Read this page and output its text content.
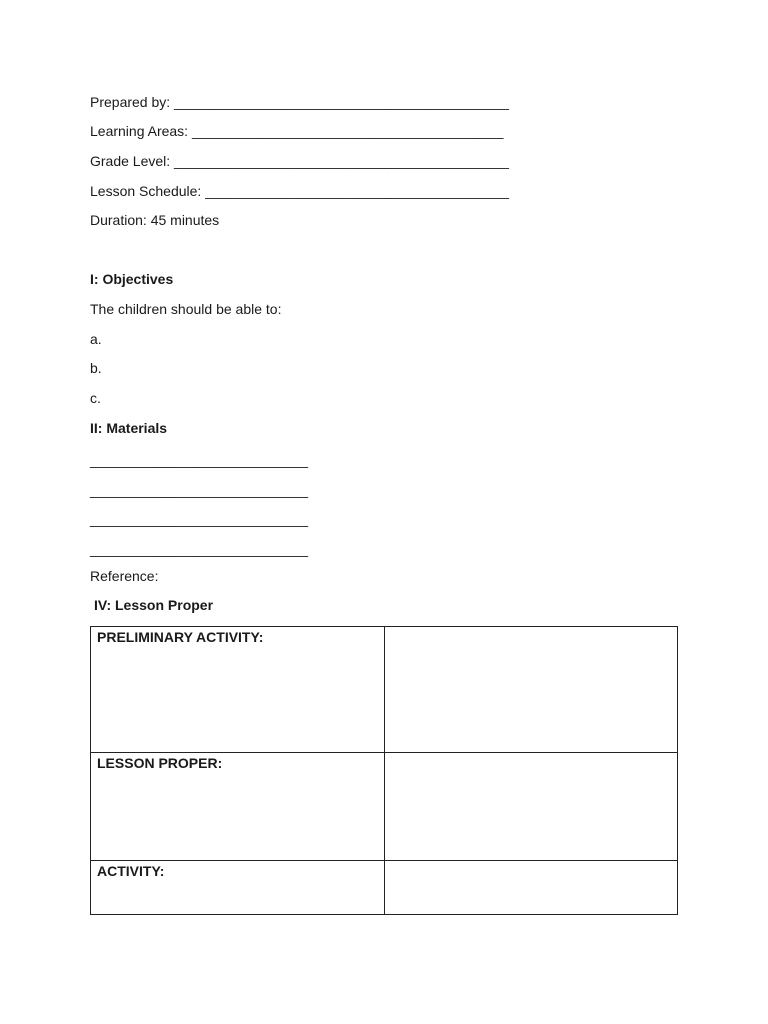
Prepared by: ___________________________________________
Learning Areas: ________________________________________
Grade Level: ___________________________________________
Lesson Schedule: _______________________________________
Duration: 45 minutes
I: Objectives
The children should be able to:
a.
b.
c.
II: Materials
____________________________
____________________________
____________________________
____________________________
Reference:
IV: Lesson Proper
PRELIMINARY ACTIVITY:	
LESSON PROPER:	
ACTIVITY:	
